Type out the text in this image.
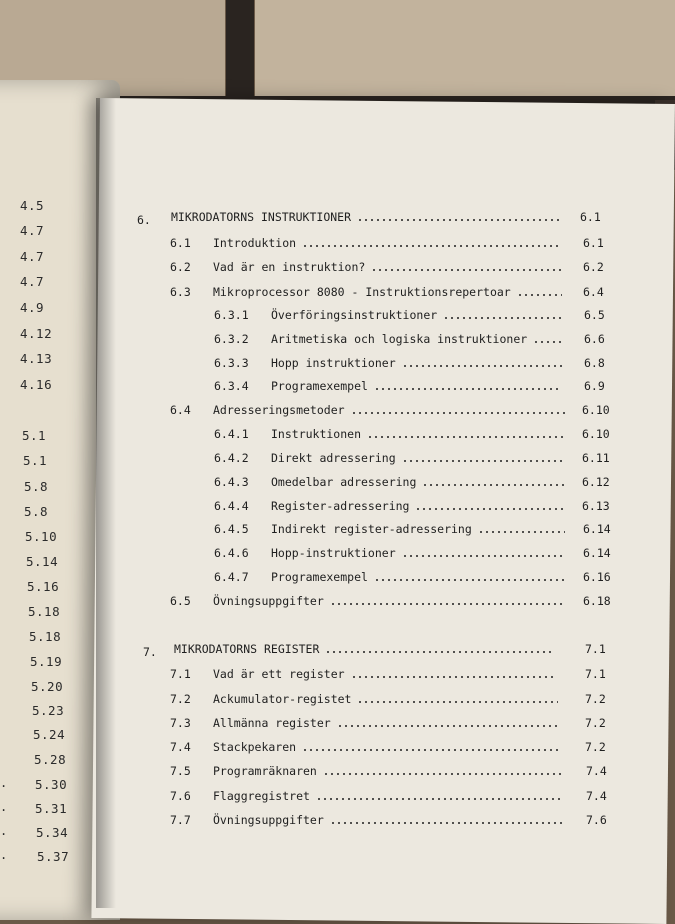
4.5
4.7
4.7
4.7
4.9
4.12
4.13
4.16
5.1
5.1
5.8
5.8
5.10
5.14
5.16
5.18
5.18
5.19
5.20
5.23
5.24
5.28
5.30
5.31
5.34
5.37
.
.
.
.
6. MIKRODATORNS INSTRUKTIONER	6.1
6.1 Introduktion	6.1
6.2 Vad är en instruktion?	6.2
6.3 Mikroprocessor 8080 - Instruktionsrepertoar	6.4
6.3.1 Överföringsinstruktioner	6.5
6.3.2 Aritmetiska och logiska instruktioner	6.6
6.3.3 Hopp instruktioner	6.8
6.3.4 Programexempel	6.9
6.4 Adresseringsmetoder	6.10
6.4.1 Instruktionen	6.10
6.4.2 Direkt adressering	6.11
6.4.3 Omedelbar adressering	6.12
6.4.4 Register-adressering	6.13
6.4.5 Indirekt register-adressering	6.14
6.4.6 Hopp-instruktioner	6.14
6.4.7 Programexempel	6.16
6.5 Övningsuppgifter	6.18
7. MIKRODATORNS REGISTER	7.1
7.1 Vad är ett register	7.1
7.2 Ackumulator-registet	7.2
7.3 Allmänna register	7.2
7.4 Stackpekaren	7.2
7.5 Programräknaren	7.4
7.6 Flaggregistret	7.4
7.7 Övningsuppgifter	7.6
